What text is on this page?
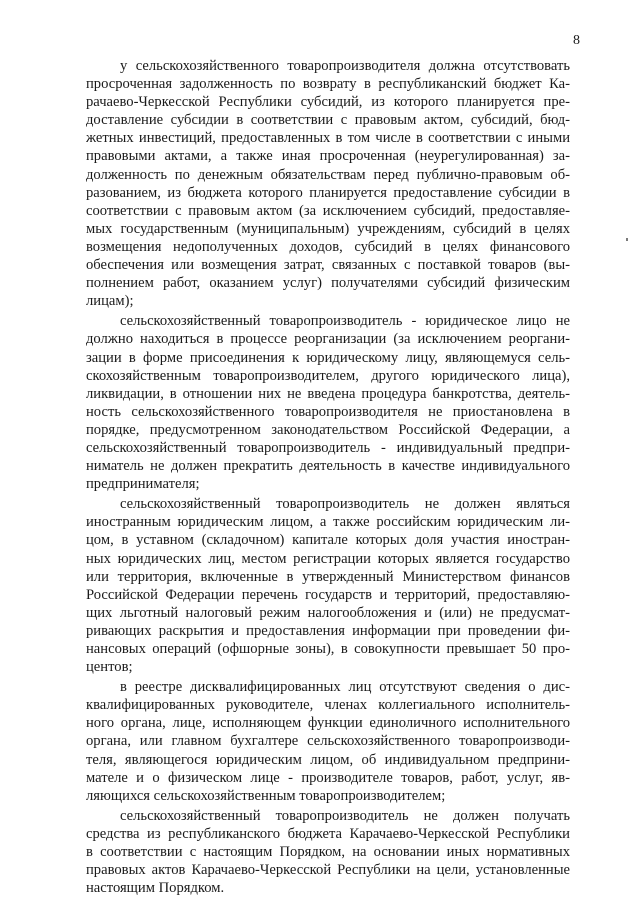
8
у сельскохозяйственного товаропроизводителя должна отсутствовать
просроченная задолженность по возврату в республиканский бюджет Ка-
рачаево-Черкесской Республики субсидий, из которого планируется пре-
доставление субсидии в соответствии с правовым актом, субсидий, бюд-
жетных инвестиций, предоставленных в том числе в соответствии с иными
правовыми актами, а также иная просроченная (неурегулированная) за-
долженность по денежным обязательствам перед публично-правовым об-
разованием, из бюджета которого планируется предоставление субсидии в
соответствии с правовым актом (за исключением субсидий, предоставляе-
мых государственным (муниципальным) учреждениям, субсидий в целях
возмещения недополученных доходов, субсидий в целях финансового
обеспечения или возмещения затрат, связанных с поставкой товаров (вы-
полнением работ, оказанием услуг) получателями субсидий физическим
лицам);
сельскохозяйственный товаропроизводитель - юридическое лицо не
должно находиться в процессе реорганизации (за исключением реоргани-
зации в форме присоединения к юридическому лицу, являющемуся сель-
скохозяйственным товаропроизводителем, другого юридического лица),
ликвидации, в отношении них не введена процедура банкротства, деятель-
ность сельскохозяйственного товаропроизводителя не приостановлена в
порядке, предусмотренном законодательством Российской Федерации, а
сельскохозяйственный товаропроизводитель - индивидуальный предпри-
ниматель не должен прекратить деятельность в качестве индивидуального
предпринимателя;
сельскохозяйственный товаропроизводитель не должен являться
иностранным юридическим лицом, а также российским юридическим ли-
цом, в уставном (складочном) капитале которых доля участия иностран-
ных юридических лиц, местом регистрации которых является государство
или территория, включенные в утвержденный Министерством финансов
Российской Федерации перечень государств и территорий, предоставляю-
щих льготный налоговый режим налогообложения и (или) не предусмат-
ривающих раскрытия и предоставления информации при проведении фи-
нансовых операций (офшорные зоны), в совокупности превышает 50 про-
центов;
в реестре дисквалифицированных лиц отсутствуют сведения о дис-
квалифицированных руководителе, членах коллегиального исполнитель-
ного органа, лице, исполняющем функции единоличного исполнительного
органа, или главном бухгалтере сельскохозяйственного товаропроизводи-
теля, являющегося юридическим лицом, об индивидуальном предприни-
мателе и о физическом лице - производителе товаров, работ, услуг, яв-
ляющихся сельскохозяйственным товаропроизводителем;
сельскохозяйственный товаропроизводитель не должен получать
средства из республиканского бюджета Карачаево-Черкесской Республики
в соответствии с настоящим Порядком, на основании иных нормативных
правовых актов Карачаево-Черкесской Республики на цели, установленные
настоящим Порядком.
